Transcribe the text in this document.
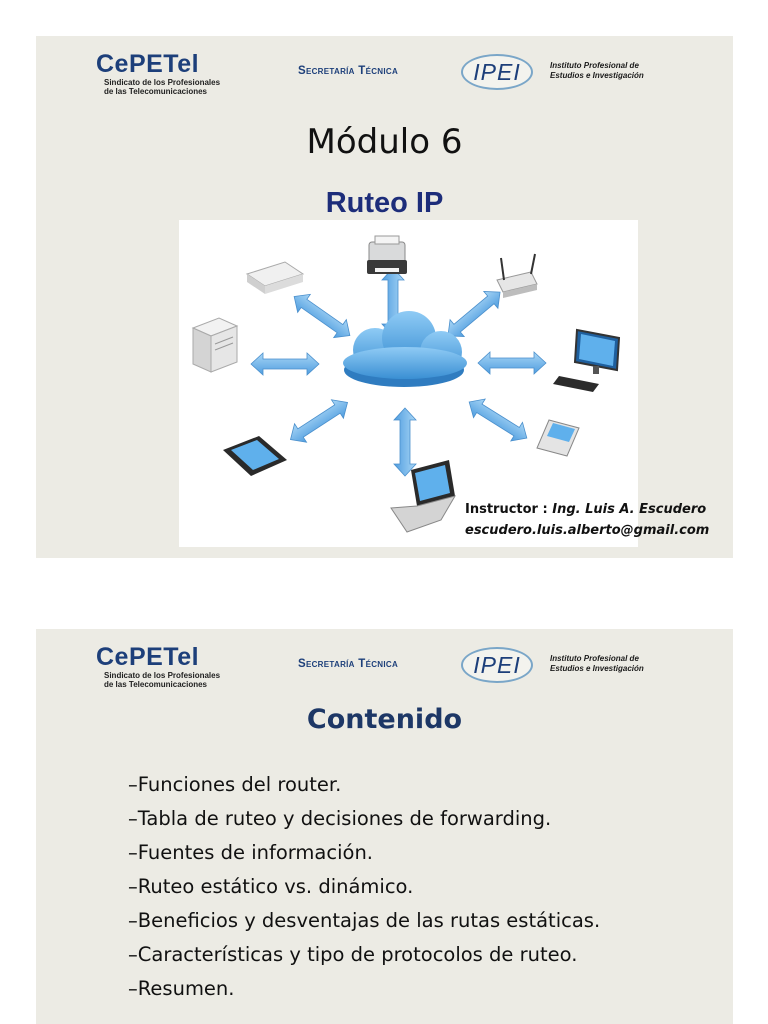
CePETel
Sindicato de los Profesionales
de las Telecomunicaciones
Secretaría Técnica	IPEI	Instituto Profesional de
Estudios e Investigación
Módulo 6
Ruteo IP
Instructor : Ing. Luis A. Escudero
escudero.luis.alberto@gmail.com
CePETel
Sindicato de los Profesionales
de las Telecomunicaciones
Secretaría Técnica	IPEI	Instituto Profesional de
Estudios e Investigación
Contenido
– Funciones del router.
– Tabla de ruteo y decisiones de forwarding.
– Fuentes de información.
– Ruteo estático vs. dinámico.
– Beneficios y desventajas de las rutas estáticas.
– Características y tipo de protocolos de ruteo.
– Resumen.
